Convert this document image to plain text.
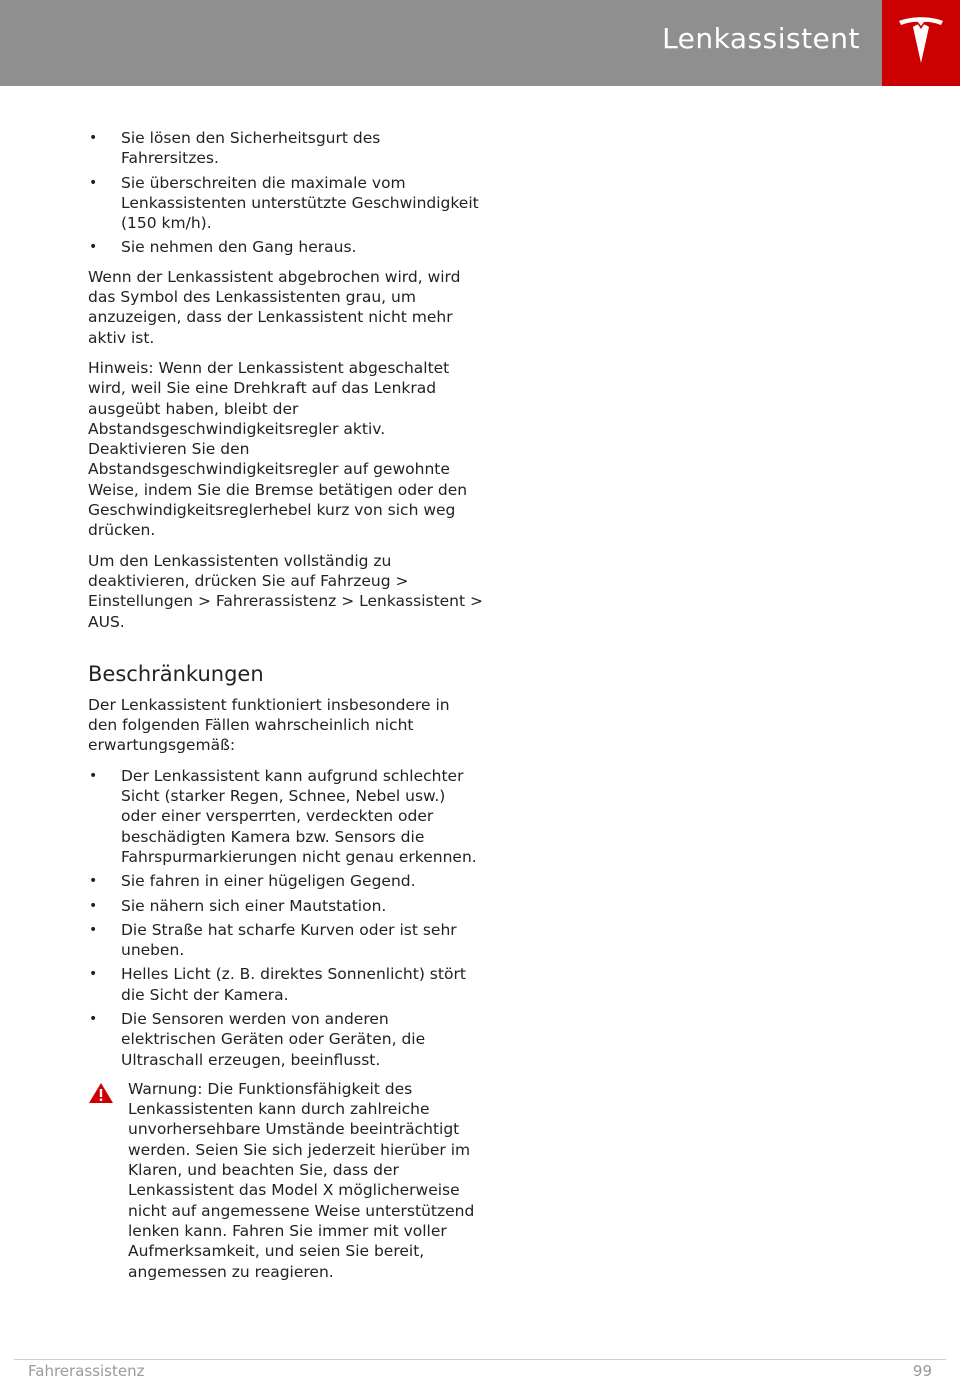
Lenkassistent
• Sie lösen den Sicherheitsgurt des Fahrersitzes.
• Sie überschreiten die maximale vom Lenkassistenten unterstützte Geschwindigkeit (150 km/h).
• Sie nehmen den Gang heraus.

Wenn der Lenkassistent abgebrochen wird, wird das Symbol des Lenkassistenten grau, um anzuzeigen, dass der Lenkassistent nicht mehr aktiv ist.

Hinweis: Wenn der Lenkassistent abgeschaltet wird, weil Sie eine Drehkraft auf das Lenkrad ausgeübt haben, bleibt der Abstandsgeschwindigkeitsregler aktiv. Deaktivieren Sie den Abstandsgeschwindigkeitsregler auf gewohnte Weise, indem Sie die Bremse betätigen oder den Geschwindigkeitsreglerhebel kurz von sich weg drücken.

Um den Lenkassistenten vollständig zu deaktivieren, drücken Sie auf Fahrzeug > Einstellungen > Fahrerassistenz > Lenkassistent > AUS.

Beschränkungen

Der Lenkassistent funktioniert insbesondere in den folgenden Fällen wahrscheinlich nicht erwartungsgemäß:

• Der Lenkassistent kann aufgrund schlechter Sicht (starker Regen, Schnee, Nebel usw.) oder einer versperrten, verdeckten oder beschädigten Kamera bzw. Sensors die Fahrspurmarkierungen nicht genau erkennen.
• Sie fahren in einer hügeligen Gegend.
• Sie nähern sich einer Mautstation.
• Die Straße hat scharfe Kurven oder ist sehr uneben.
• Helles Licht (z. B. direktes Sonnenlicht) stört die Sicht der Kamera.
• Die Sensoren werden von anderen elektrischen Geräten oder Geräten, die Ultraschall erzeugen, beeinflusst.
Warnung: Die Funktionsfähigkeit des Lenkassistenten kann durch zahlreiche unvorhersehbare Umstände beeinträchtigt werden. Seien Sie sich jederzeit hierüber im Klaren, und beachten Sie, dass der Lenkassistent das Model X möglicherweise nicht auf angemessene Weise unterstützend lenken kann. Fahren Sie immer mit voller Aufmerksamkeit, und seien Sie bereit, angemessen zu reagieren.
Fahrerassistenz	99
